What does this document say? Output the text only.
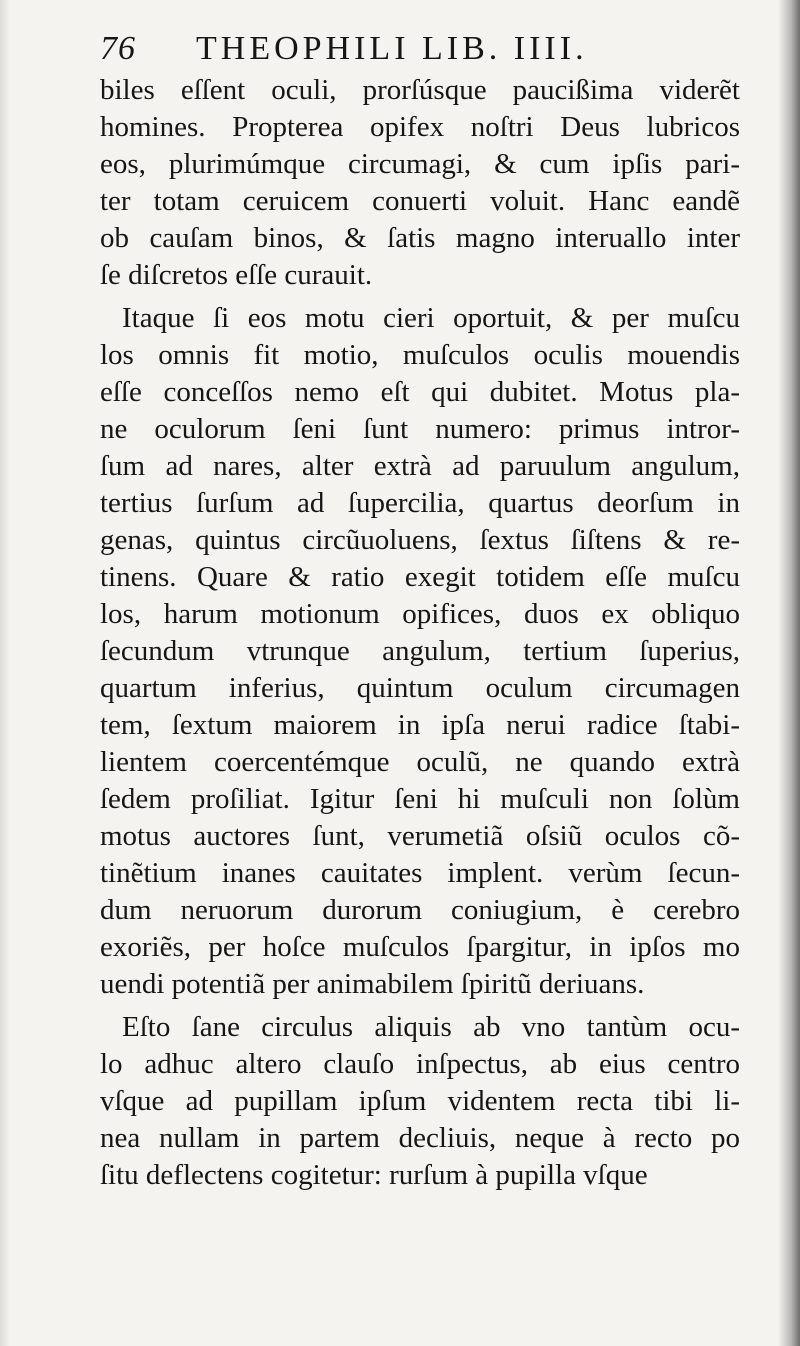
76 THEOPHILI LIB. IIII.
biles eſſent oculi, prorſúsque paucißima viderẽt
homines. Propterea opifex noſtri Deus lubricos
eos, plurimúmque circumagi, & cum ipſis pari-
ter totam ceruicem conuerti voluit. Hanc eandẽ
ob cauſam binos, & ſatis magno interuallo inter
ſe diſcretos eſſe curauit.
Itaque ſi eos motu cieri oportuit, & per muſcu
los omnis fit motio, muſculos oculis mouendis
eſſe conceſſos nemo eſt qui dubitet. Motus pla-
ne oculorum ſeni ſunt numero: primus intror-
ſum ad nares, alter extrà ad paruulum angulum,
tertius ſurſum ad ſupercilia, quartus deorſum in
genas, quintus circũuoluens, ſextus ſiſtens & re-
tinens. Quare & ratio exegit totidem eſſe muſcu
los, harum motionum opifices, duos ex obliquo
ſecundum vtrunque angulum, tertium ſuperius,
quartum inferius, quintum oculum circumagen
tem, ſextum maiorem in ipſa nerui radice ſtabi-
lientem coercentémque oculũ, ne quando extrà
ſedem proſiliat. Igitur ſeni hi muſculi non ſolùm
motus auctores ſunt, verumetiã oſsiũ oculos cõ-
tinẽtium inanes cauitates implent. verùm ſecun-
dum neruorum durorum coniugium, è cerebro
exoriẽs, per hoſce muſculos ſpargitur, in ipſos mo
uendi potentiã per animabilem ſpiritũ deriuans.
Eſto ſane circulus aliquis ab vno tantùm ocu-
lo adhuc altero clauſo inſpectus, ab eius centro
vſque ad pupillam ipſum videntem recta tibi li-
nea nullam in partem decliuis, neque à recto po
ſitu deflectens cogitetur: rurſum à pupilla vſque
